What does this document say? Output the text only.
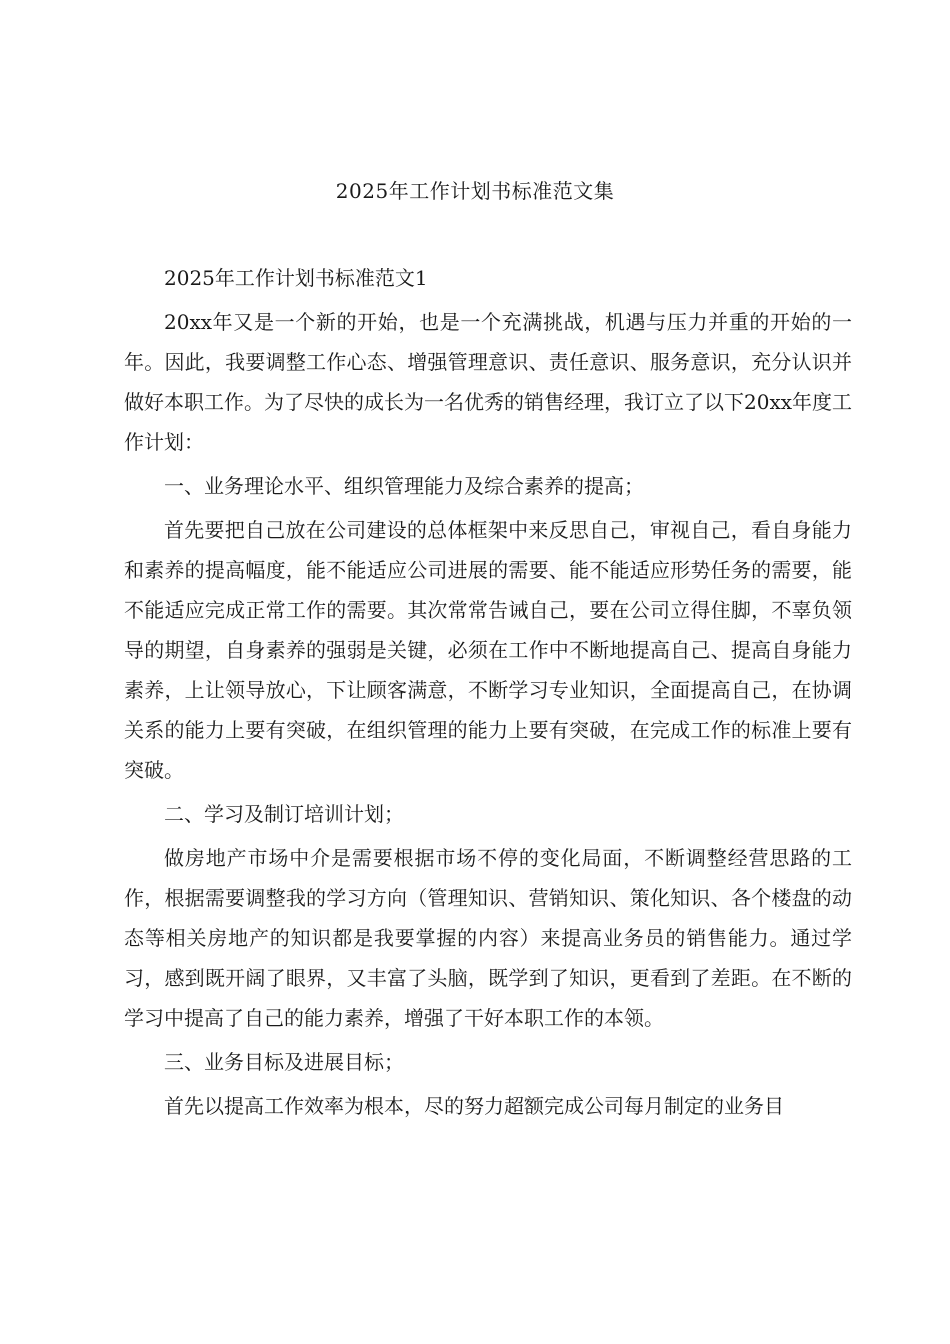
2025年工作计划书标准范文集

2025年工作计划书标准范文1

20xx年又是一个新的开始，也是一个充满挑战，机遇与压力并重的开始的一年。因此，我要调整工作心态、增强管理意识、责任意识、服务意识，充分认识并做好本职工作。为了尽快的成长为一名优秀的销售经理，我订立了以下20xx年度工作计划：

一、业务理论水平、组织管理能力及综合素养的提高；

首先要把自己放在公司建设的总体框架中来反思自己，审视自己，看自身能力和素养的提高幅度，能不能适应公司进展的需要、能不能适应形势任务的需要，能不能适应完成正常工作的需要。其次常常告诫自己，要在公司立得住脚，不辜负领导的期望，自身素养的强弱是关键，必须在工作中不断地提高自己、提高自身能力素养，上让领导放心，下让顾客满意，不断学习专业知识，全面提高自己，在协调关系的能力上要有突破，在组织管理的能力上要有突破，在完成工作的标准上要有突破。

二、学习及制订培训计划；

做房地产市场中介是需要根据市场不停的变化局面，不断调整经营思路的工作，根据需要调整我的学习方向（管理知识、营销知识、策化知识、各个楼盘的动态等相关房地产的知识都是我要掌握的内容）来提高业务员的销售能力。通过学习，感到既开阔了眼界，又丰富了头脑，既学到了知识，更看到了差距。在不断的学习中提高了自己的能力素养，增强了干好本职工作的本领。

三、业务目标及进展目标；

首先以提高工作效率为根本，尽的努力超额完成公司每月制定的业务目
